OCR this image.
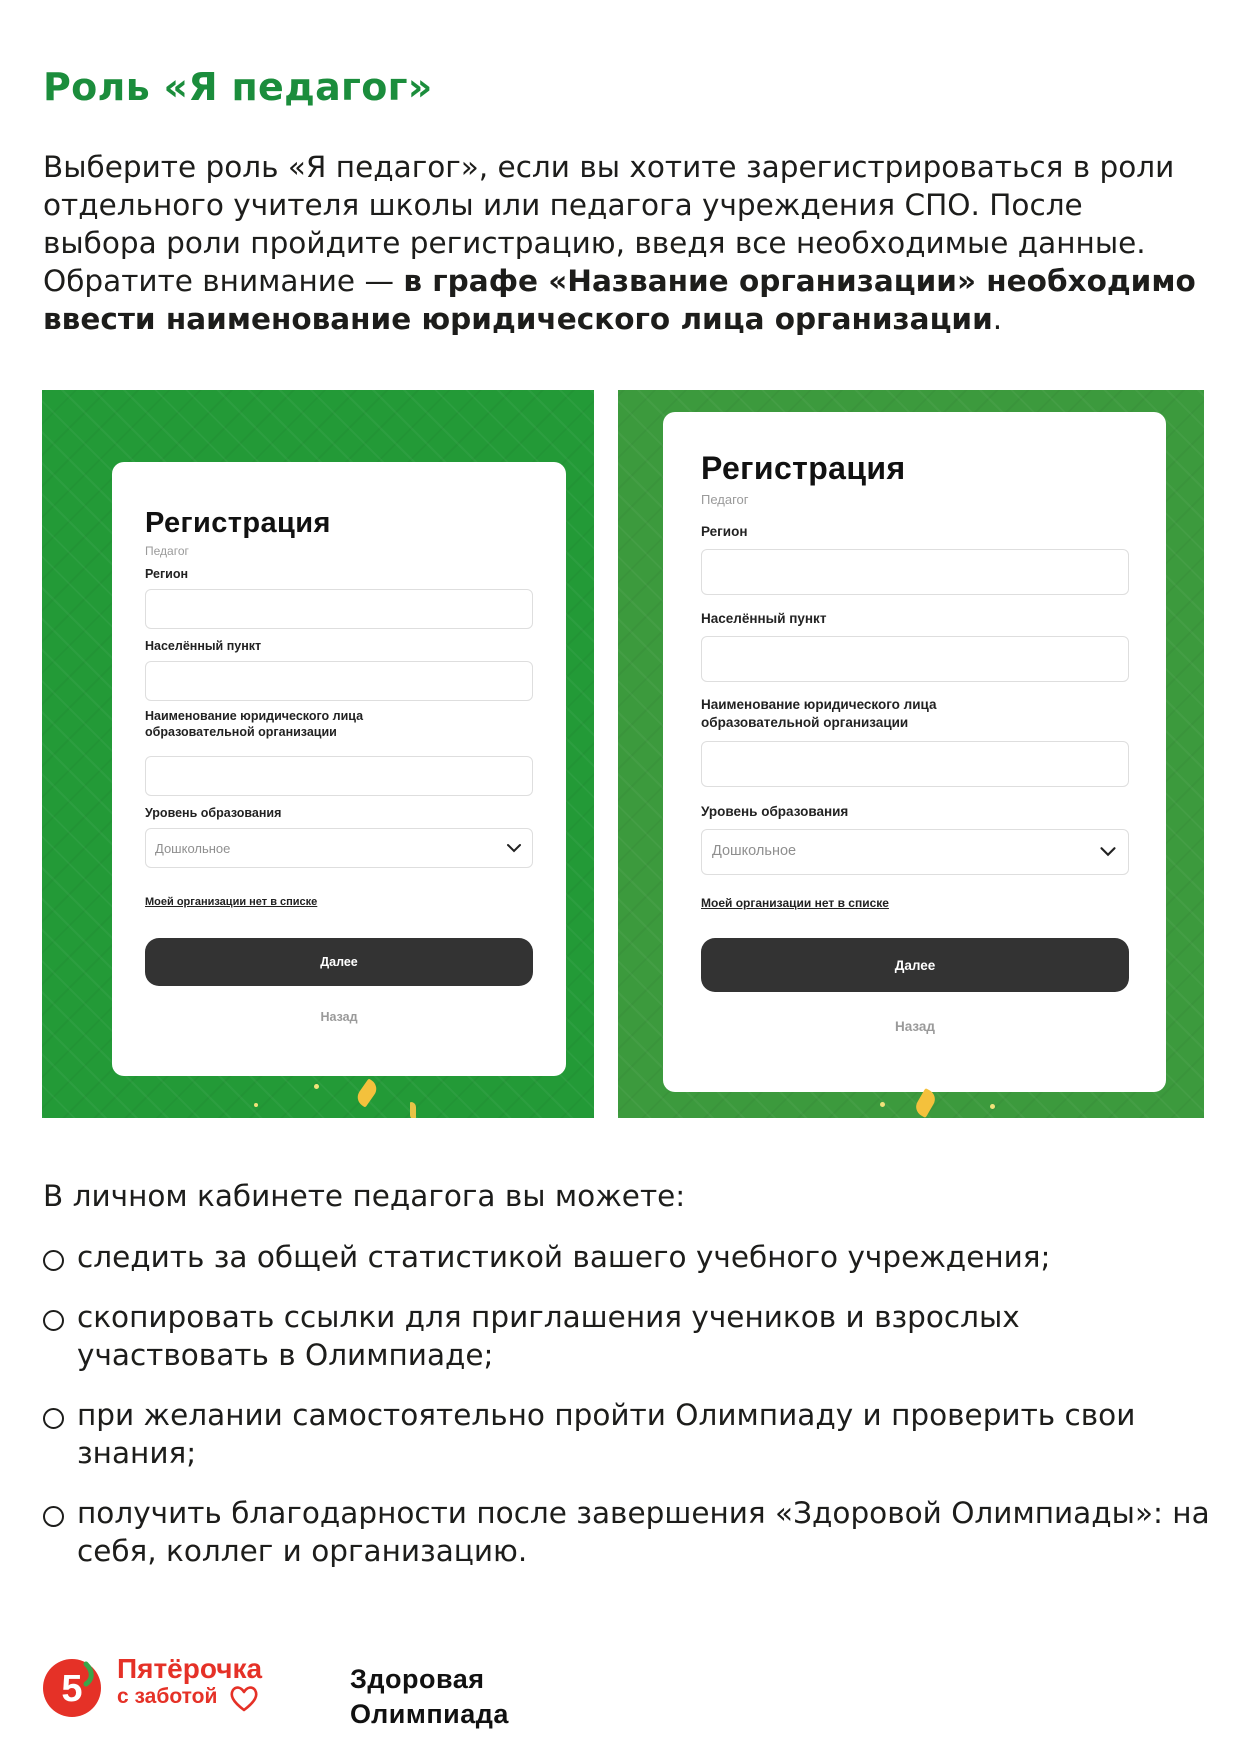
Роль «Я педагог»

Выберите роль «Я педагог», если вы хотите зарегистрироваться в роли отдельного учителя школы или педагога учреждения СПО. После выбора роли пройдите регистрацию, введя все необходимые данные. Обратите внимание — в графе «Название организации» необходимо ввести наименование юридического лица организации.

Регистрация
Педагог
Регион
Населённый пункт
Наименование юридического лица
образовательной организации
Уровень образования
Дошкольное
Моей организации нет в списке
Далее
Назад
Регистрация
Педагог
Регион
Населённый пункт
Наименование юридического лица
образовательной организации
Уровень образования
Дошкольное
Моей организации нет в списке
Далее
Назад
В личном кабинете педагога вы можете:
следить за общей статистикой вашего учебного учреждения;
скопировать ссылки для приглашения учеников и взрослых участвовать в Олимпиаде;
при желании самостоятельно пройти Олимпиаду и проверить свои знания;
получить благодарности после завершения «Здоровой Олимпиады»: на себя, коллег и организацию.
5 Пятёрочка
с заботой
Здоровая
Олимпиада
